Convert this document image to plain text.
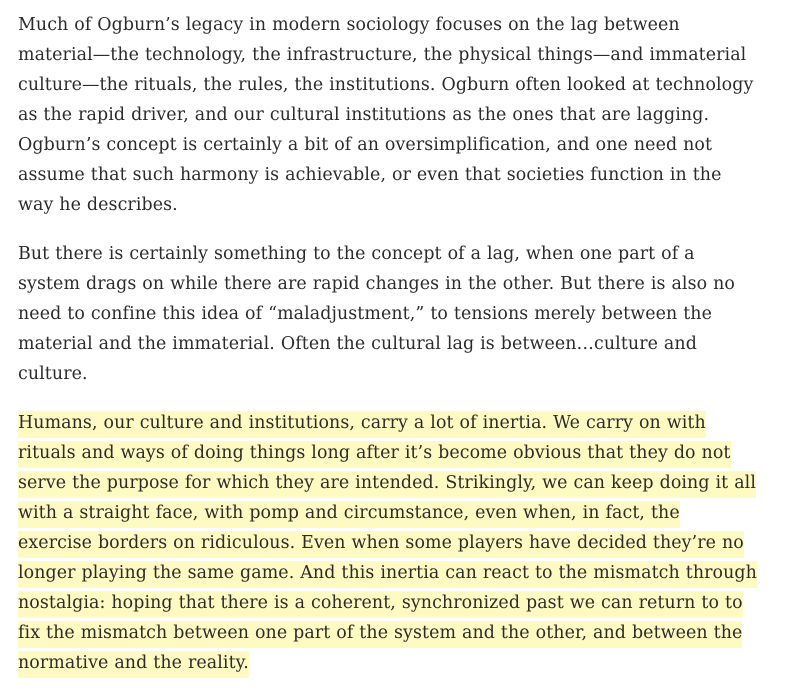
Much of Ogburn’s legacy in modern sociology focuses on the lag between material—the technology, the infrastructure, the physical things—and immaterial culture—the rituals, the rules, the institutions. Ogburn often looked at technology as the rapid driver, and our cultural institutions as the ones that are lagging. Ogburn’s concept is certainly a bit of an oversimplification, and one need not assume that such harmony is achievable, or even that societies function in the way he describes.

But there is certainly something to the concept of a lag, when one part of a system drags on while there are rapid changes in the other. But there is also no need to confine this idea of “maladjustment,” to tensions merely between the material and the immaterial. Often the cultural lag is between…culture and culture.

Humans, our culture and institutions, carry a lot of inertia. We carry on with rituals and ways of doing things long after it’s become obvious that they do not serve the purpose for which they are intended. Strikingly, we can keep doing it all with a straight face, with pomp and circumstance, even when, in fact, the exercise borders on ridiculous. Even when some players have decided they’re no longer playing the same game. And this inertia can react to the mismatch through nostalgia: hoping that there is a coherent, synchronized past we can return to to fix the mismatch between one part of the system and the other, and between the normative and the reality.
